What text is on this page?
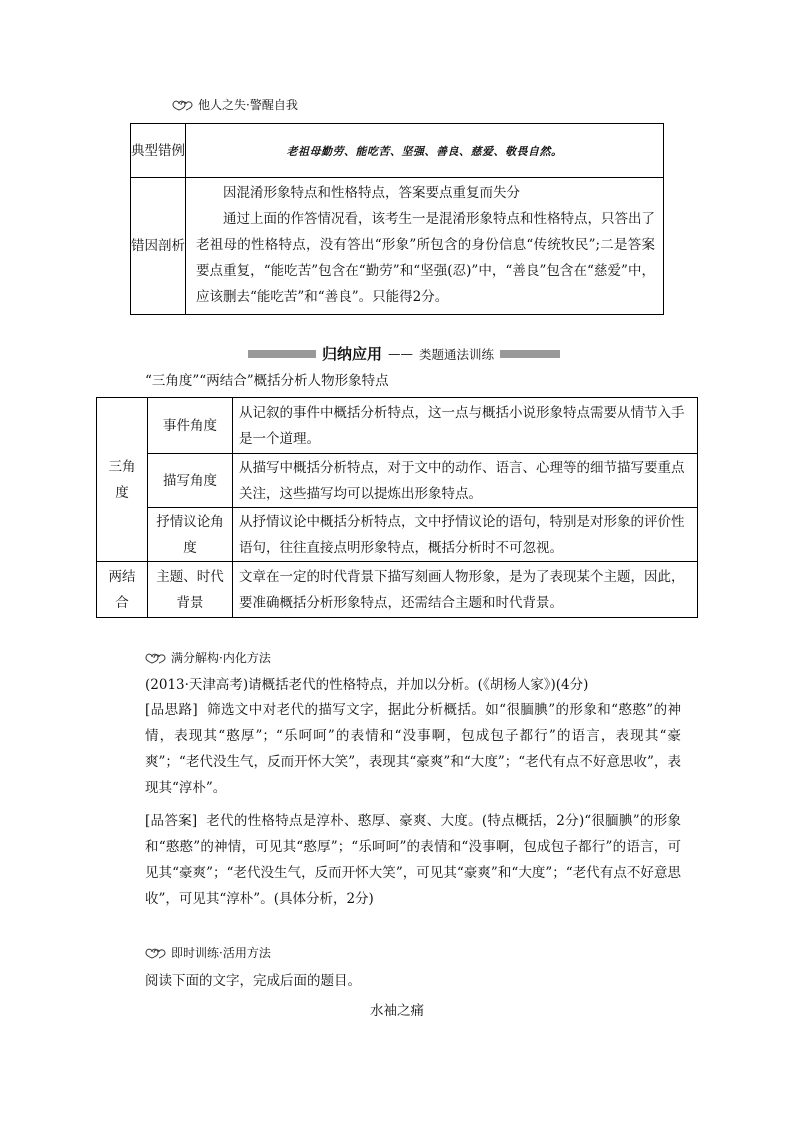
他人之失·警醒自我
典型错例	老祖母勤劳、能吃苦、坚强、善良、慈爱、敬畏自然。
错因剖析	因混淆形象特点和性格特点，答案要点重复而失分
通过上面的作答情况看，该考生一是混淆形象特点和性格特点，只答出了老祖母的性格特点，没有答出“形象”所包含的身份信息“传统牧民”;二是答案要点重复，“能吃苦”包含在“勤劳”和“坚强(忍)”中，“善良”包含在“慈爱”中，应该删去“能吃苦”和“善良”。只能得2分。
归纳应用 —— 类题通法训练
“三角度”“两结合”概括分析人物形象特点
三角度	事件角度	从记叙的事件中概括分析特点，这一点与概括小说形象特点需要从情节入手是一个道理。
	描写角度	从描写中概括分析特点，对于文中的动作、语言、心理等的细节描写要重点关注，这些描写均可以提炼出形象特点。
	抒情议论角度	从抒情议论中概括分析特点，文中抒情议论的语句，特别是对形象的评价性语句，往往直接点明形象特点，概括分析时不可忽视。
两结合	主题、时代背景	文章在一定的时代背景下描写刻画人物形象，是为了表现某个主题，因此，要准确概括分析形象特点，还需结合主题和时代背景。
满分解构·内化方法
(2013·天津高考)请概括老代的性格特点，并加以分析。(《胡杨人家》)(4分)
[品思路] 筛选文中对老代的描写文字，据此分析概括。如“很腼腆”的形象和“憨憨”的神情，表现其“憨厚”；“乐呵呵”的表情和“没事啊，包成包子都行”的语言，表现其“豪爽”；“老代没生气，反而开怀大笑”，表现其“豪爽”和“大度”；“老代有点不好意思收”，表现其“淳朴”。
[品答案] 老代的性格特点是淳朴、憨厚、豪爽、大度。(特点概括，2分)“很腼腆”的形象和“憨憨”的神情，可见其“憨厚”；“乐呵呵”的表情和“没事啊，包成包子都行”的语言，可见其“豪爽”；“老代没生气，反而开怀大笑”，可见其“豪爽”和“大度”；“老代有点不好意思收”，可见其“淳朴”。(具体分析，2分)
即时训练·活用方法
阅读下面的文字，完成后面的题目。
水袖之痛
